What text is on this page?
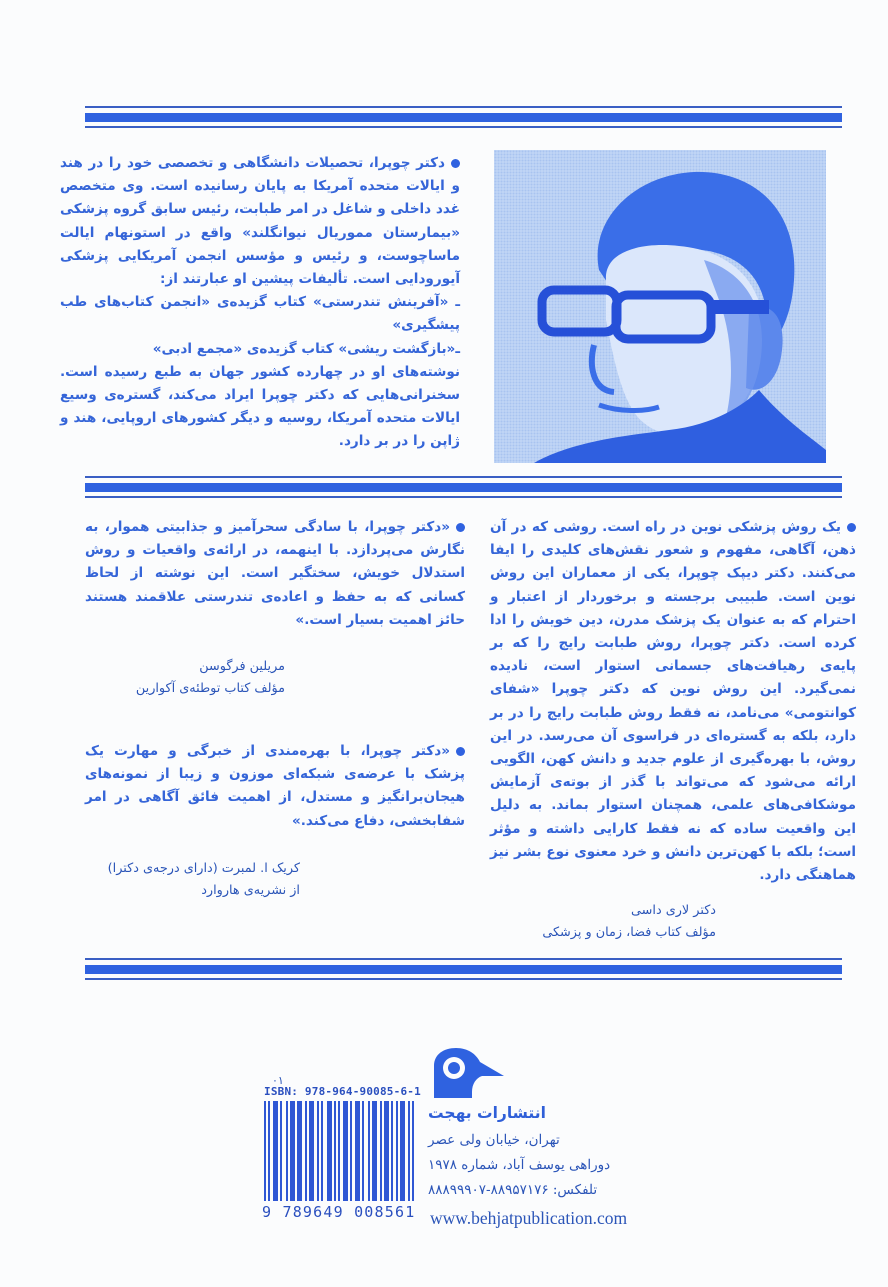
دکتر چوپرا، تحصیلات دانشگاهی و تخصصی خود را در هند و ایالات متحده آمریکا به پایان رسانیده است. وی متخصص غدد داخلی و شاغل در امر طبابت، رئیس سابق گروه پزشکی «بیمارستان مموریال نیوانگلند» واقع در استونهام ایالت ماساچوست، و رئیس و مؤسس انجمن آمریکایی پزشکی آیورودایی است. تألیفات پیشین او عبارتند از:

ـ «آفرینش تندرستی» کتاب گزیده‌ی «انجمن کتاب‌های طب پیشگیری»

ـ«بازگشت ریشی» کتاب گزیده‌ی «مجمع ادبی»

نوشته‌های او در چهارده کشور جهان به طبع رسیده است. سخنرانی‌هایی که دکتر چوپرا ایراد می‌کند، گستره‌ی وسیع ایالات متحده آمریکا، روسیه و دیگر کشورهای اروپایی، هند و ژاپن را در بر دارد.

یک روش پزشکی نوین در راه است. روشی که در آن ذهن، آگاهی، مفهوم و شعور نقش‌های کلیدی را ایفا می‌کنند. دکتر دیپک چوپرا، یکی از معماران این روش نوین است. طبیبی برجسته و برخوردار از اعتبار و احترام که به عنوان یک پزشک مدرن، دین خویش را ادا کرده است. دکتر چوپرا، روش طبابت رایج را که بر پایه‌ی رهیافت‌های جسمانی استوار است، نادیده نمی‌گیرد. این روش نوین که دکتر چوپرا «شفای کوانتومی» می‌نامد، نه فقط روش طبابت رایج را در بر دارد، بلکه به گستره‌ای در فراسوی آن می‌رسد. در این روش، با بهره‌گیری از علوم جدید و دانش کهن، الگویی ارائه می‌شود که می‌تواند با گذر از بوته‌ی آزمایش موشکافی‌های علمی، همچنان استوار بماند. به دلیل این واقعیت ساده که نه فقط کارایی داشته و مؤثر است؛ بلکه با کهن‌ترین دانش و خرد معنوی نوع بشر نیز هماهنگی دارد.

دکتر لاری داسی
مؤلف کتاب فضا، زمان و پزشکی

«دکتر چوپرا، با سادگی سحرآمیز و جذابیتی هموار، به نگارش می‌پردازد. با اینهمه، در ارائه‌ی واقعیات و روش استدلال خویش، سختگیر است. این نوشته از لحاظ کسانی که به حفظ و اعاده‌ی تندرستی علاقمند هستند حائز اهمیت بسیار است.»

مریلین فرگوسن
مؤلف کتاب توطئه‌ی آکوارین

«دکتر چوپرا، با بهره‌مندی از خبرگی و مهارت یک پزشک با عرضه‌ی شبکه‌ای موزون و زیبا از نمونه‌های هیجان‌برانگیز و مستدل، از اهمیت فائق آگاهی در امر شفابخشی، دفاع می‌کند.»

کریک ا. لمبرت (دارای درجه‌ی دکترا)
از نشریه‌ی هاروارد
۰۱
ISBN: 978-964-90085-6-1
9 789649 008561
انتشارات بهجت
تهران، خیابان ولی عصر
دوراهی یوسف آباد، شماره ۱۹۷۸
تلفکس: ۸۸۹۵۷۱۷۶-۸۸۸۹۹۹۰۷
www.behjatpublication.com
